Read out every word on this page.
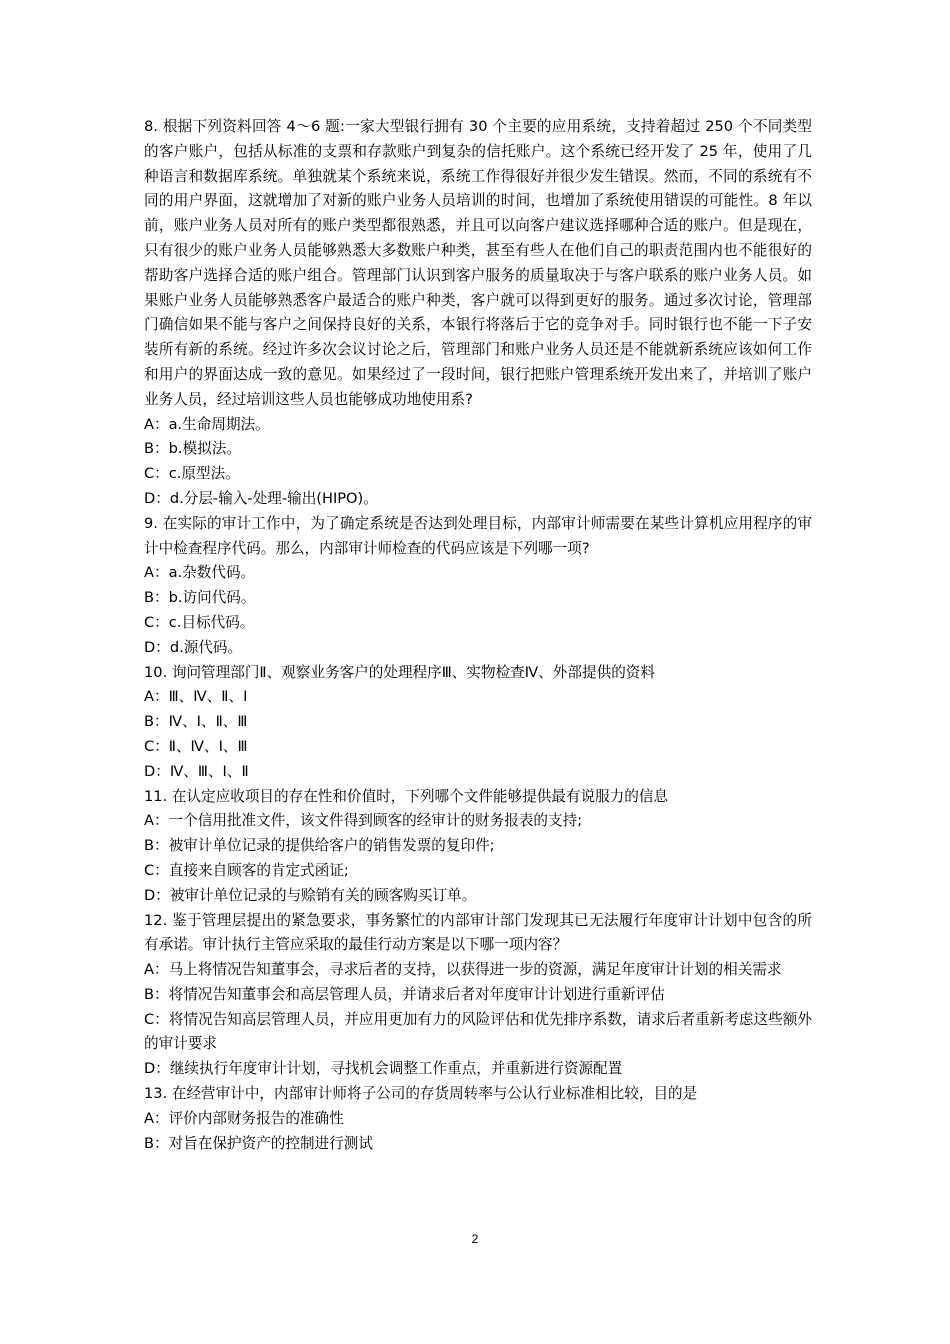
8. 根据下列资料回答 4～6 题:一家大型银行拥有 30 个主要的应用系统，支持着超过 250 个不同类型的客户账户，包括从标准的支票和存款账户到复杂的信托账户。这个系统已经开发了 25 年，使用了几种语言和数据库系统。单独就某个系统来说，系统工作得很好并很少发生错误。然而，不同的系统有不同的用户界面，这就增加了对新的账户业务人员培训的时间，也增加了系统使用错误的可能性。8 年以前，账户业务人员对所有的账户类型都很熟悉，并且可以向客户建议选择哪种合适的账户。但是现在，只有很少的账户业务人员能够熟悉大多数账户种类，甚至有些人在他们自己的职责范围内也不能很好的帮助客户选择合适的账户组合。管理部门认识到客户服务的质量取决于与客户联系的账户业务人员。如果账户业务人员能够熟悉客户最适合的账户种类，客户就可以得到更好的服务。通过多次讨论，管理部门确信如果不能与客户之间保持良好的关系，本银行将落后于它的竞争对手。同时银行也不能一下子安装所有新的系统。经过许多次会议讨论之后，管理部门和账户业务人员还是不能就新系统应该如何工作和用户的界面达成一致的意见。如果经过了一段时间，银行把账户管理系统开发出来了，并培训了账户业务人员，经过培训这些人员也能够成功地使用系?

A：a.生命周期法。

B：b.模拟法。

C：c.原型法。

D：d.分层-输入-处理-输出(HIPO)。

9. 在实际的审计工作中，为了确定系统是否达到处理目标，内部审计师需要在某些计算机应用程序的审计中检查程序代码。那么，内部审计师检查的代码应该是下列哪一项?

A：a.杂数代码。

B：b.访问代码。

C：c.目标代码。

D：d.源代码。

10. 询问管理部门Ⅱ、观察业务客户的处理程序Ⅲ、实物检查Ⅳ、外部提供的资料

A：Ⅲ、Ⅳ、Ⅱ、Ⅰ

B：Ⅳ、Ⅰ、Ⅱ、Ⅲ

C：Ⅱ、Ⅳ、Ⅰ、Ⅲ

D：Ⅳ、Ⅲ、Ⅰ、Ⅱ

11. 在认定应收项目的存在性和价值时，下列哪个文件能够提供最有说服力的信息

A：一个信用批准文件，该文件得到顾客的经审计的财务报表的支持;

B：被审计单位记录的提供给客户的销售发票的复印件;

C：直接来自顾客的肯定式函证;

D：被审计单位记录的与赊销有关的顾客购买订单。

12. 鉴于管理层提出的紧急要求，事务繁忙的内部审计部门发现其已无法履行年度审计计划中包含的所有承诺。审计执行主管应采取的最佳行动方案是以下哪一项内容？

A：马上将情况告知董事会，寻求后者的支持，以获得进一步的资源，满足年度审计计划的相关需求

B：将情况告知董事会和高层管理人员，并请求后者对年度审计计划进行重新评估

C：将情况告知高层管理人员，并应用更加有力的风险评估和优先排序系数，请求后者重新考虑这些额外的审计要求

D：继续执行年度审计计划，寻找机会调整工作重点，并重新进行资源配置

13. 在经营审计中，内部审计师将子公司的存货周转率与公认行业标准相比较，目的是

A：评价内部财务报告的准确性

B：对旨在保护资产的控制进行测试

2
